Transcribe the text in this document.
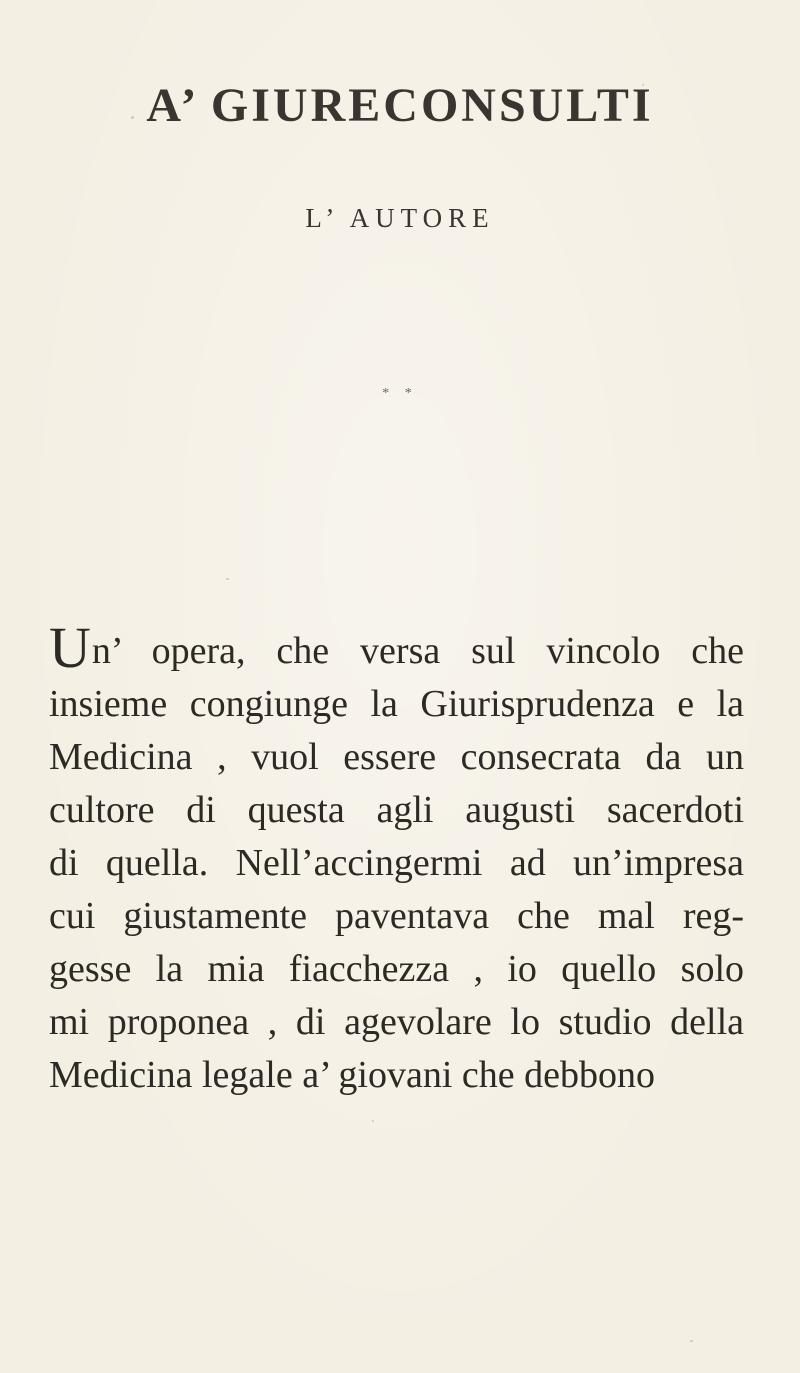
A’ GIURECONSULTI
L’ AUTORE
* *
Un’ opera, che versa sul vincolo che
insieme congiunge la Giurisprudenza e la
Medicina , vuol essere consecrata da un
cultore di questa agli augusti sacerdoti
di quella. Nell’accingermi ad un’impresa
cui giustamente paventava che mal reg-
gesse la mia fiacchezza , io quello solo
mi proponea , di agevolare lo studio della
Medicina legale a’ giovani che debbono
